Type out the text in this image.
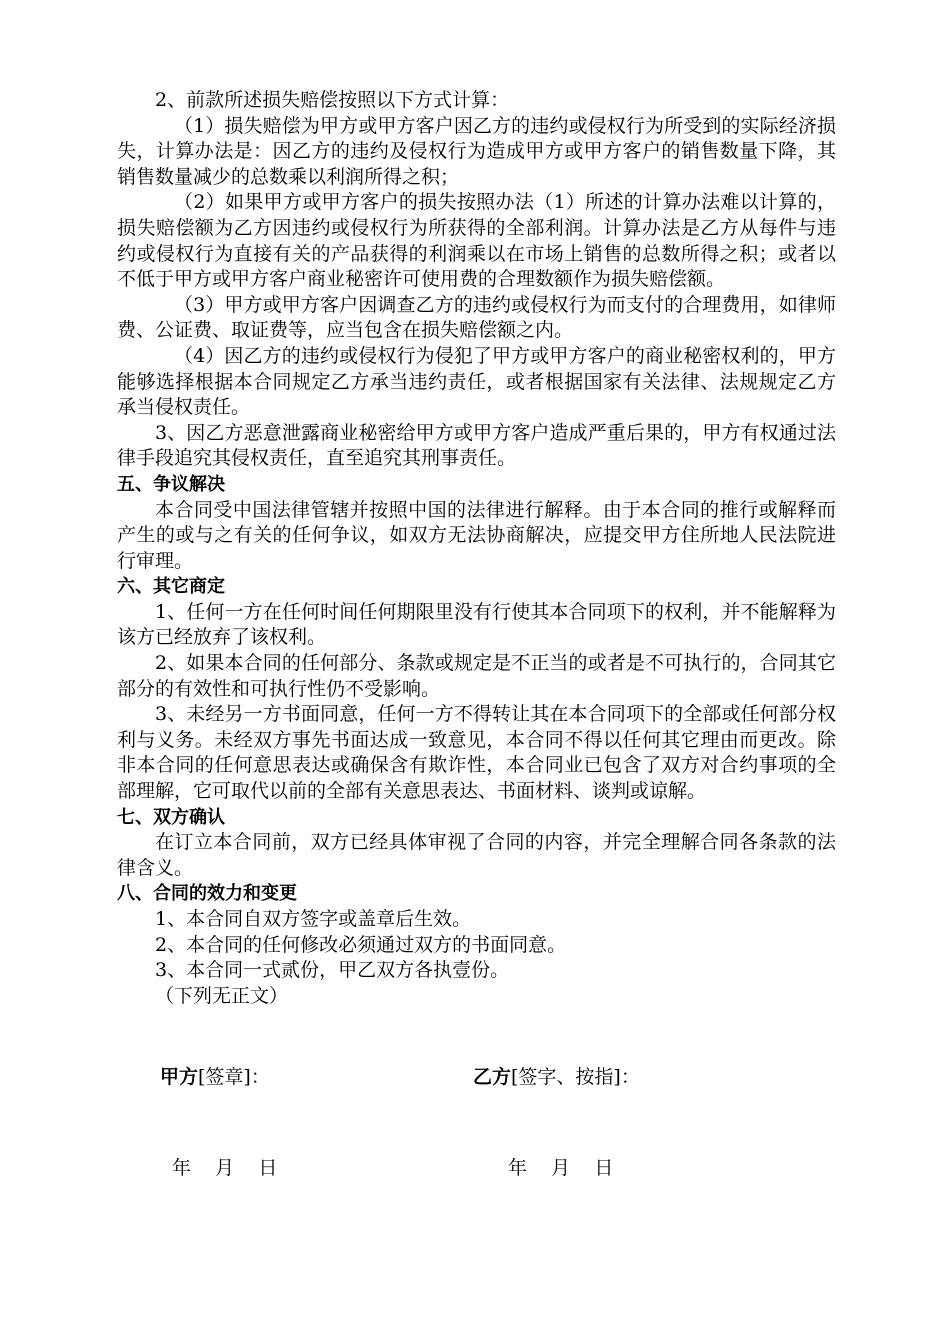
2、前款所述损失赔偿按照以下方式计算：

（1）损失赔偿为甲方或甲方客户因乙方的违约或侵权行为所受到的实际经济损失，计算办法是：因乙方的违约及侵权行为造成甲方或甲方客户的销售数量下降，其销售数量减少的总数乘以利润所得之积；

（2）如果甲方或甲方客户的损失按照办法（1）所述的计算办法难以计算的，损失赔偿额为乙方因违约或侵权行为所获得的全部利润。计算办法是乙方从每件与违约或侵权行为直接有关的产品获得的利润乘以在市场上销售的总数所得之积；或者以不低于甲方或甲方客户商业秘密许可使用费的合理数额作为损失赔偿额。

（3）甲方或甲方客户因调查乙方的违约或侵权行为而支付的合理费用，如律师费、公证费、取证费等，应当包含在损失赔偿额之内。

（4）因乙方的违约或侵权行为侵犯了甲方或甲方客户的商业秘密权利的，甲方能够选择根据本合同规定乙方承当违约责任，或者根据国家有关法律、法规规定乙方承当侵权责任。

3、因乙方恶意泄露商业秘密给甲方或甲方客户造成严重后果的，甲方有权通过法律手段追究其侵权责任，直至追究其刑事责任。

五、争议解决

本合同受中国法律管辖并按照中国的法律进行解释。由于本合同的推行或解释而产生的或与之有关的任何争议，如双方无法协商解决，应提交甲方住所地人民法院进行审理。

六、其它商定

1、任何一方在任何时间任何期限里没有行使其本合同项下的权利，并不能解释为该方已经放弃了该权利。

2、如果本合同的任何部分、条款或规定是不正当的或者是不可执行的，合同其它部分的有效性和可执行性仍不受影响。

3、未经另一方书面同意，任何一方不得转让其在本合同项下的全部或任何部分权利与义务。未经双方事先书面达成一致意见，本合同不得以任何其它理由而更改。除非本合同的任何意思表达或确保含有欺诈性，本合同业已包含了双方对合约事项的全部理解，它可取代以前的全部有关意思表达、书面材料、谈判或谅解。

七、双方确认

在订立本合同前，双方已经具体审视了合同的内容，并完全理解合同各条款的法律含义。

八、合同的效力和变更

1、本合同自双方签字或盖章后生效。

2、本合同的任何修改必须通过双方的书面同意。

3、本合同一式贰份，甲乙双方各执壹份。

（下列无正文）

甲方[签章]：	乙方[签字、按指]：
年    月    日	年    月    日
